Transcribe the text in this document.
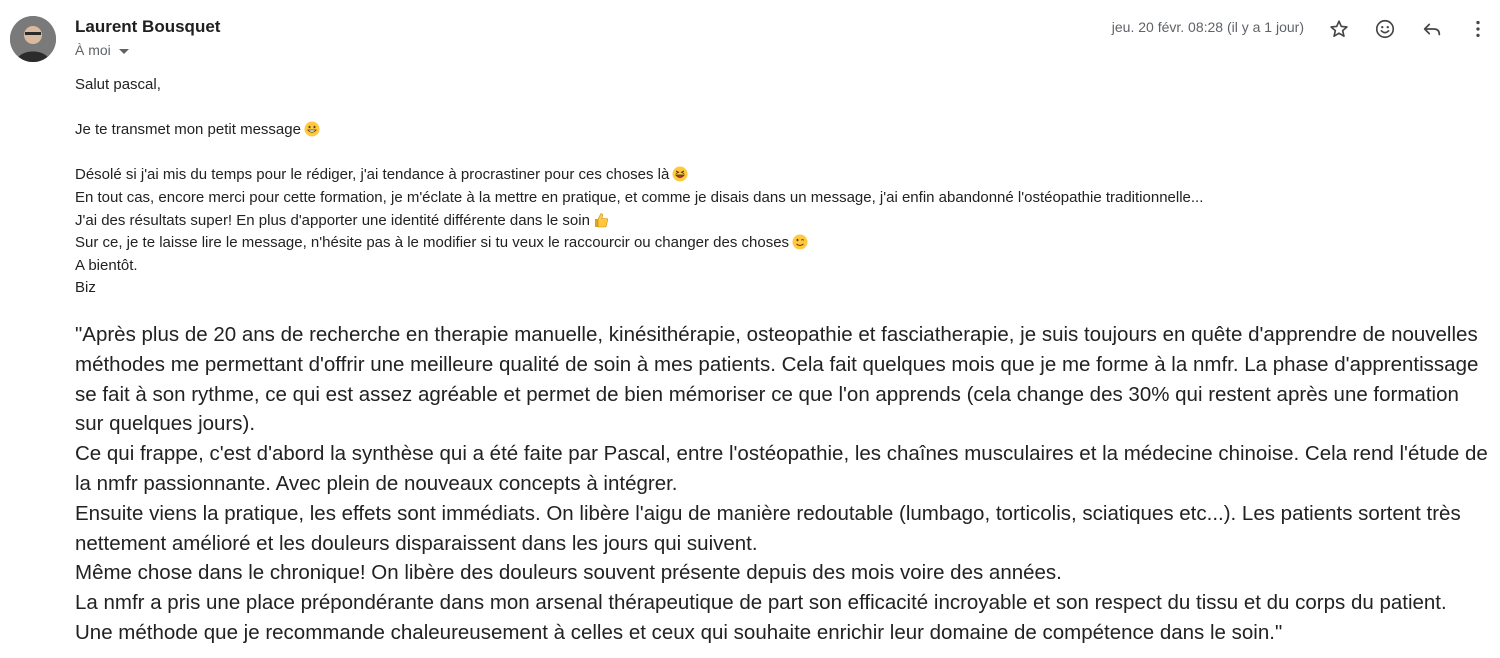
Laurent Bousquet
À moi
jeu. 20 févr. 08:28 (il y a 1 jour)

Salut pascal,

Je te transmet mon petit message

Désolé si j'ai mis du temps pour le rédiger, j'ai tendance à procrastiner pour ces choses là

En tout cas, encore merci pour cette formation, je m'éclate à la mettre en pratique, et comme je disais dans un message, j'ai enfin abandonné l'ostéopathie traditionnelle...

J'ai des résultats super! En plus d'apporter une identité différente dans le soin

Sur ce, je te laisse lire le message, n'hésite pas à le modifier si tu veux le raccourcir ou changer des choses

A bientôt.

Biz

"Après plus de 20 ans de recherche en therapie manuelle, kinésithérapie, osteopathie et fasciatherapie, je suis toujours en quête d'apprendre de nouvelles méthodes me permettant d'offrir une meilleure qualité de soin à mes patients. Cela fait quelques mois que je me forme à la nmfr. La phase d'apprentissage se fait à son rythme, ce qui est assez agréable et permet de bien mémoriser ce que l'on apprends (cela change des 30% qui restent après une formation sur quelques jours).

Ce qui frappe, c'est d'abord la synthèse qui a été faite par Pascal, entre l'ostéopathie, les chaînes musculaires et la médecine chinoise. Cela rend l'étude de la nmfr passionnante. Avec plein de nouveaux concepts à intégrer.

Ensuite viens la pratique, les effets sont immédiats. On libère l'aigu de manière redoutable (lumbago, torticolis, sciatiques etc...). Les patients sortent très nettement amélioré et les douleurs disparaissent dans les jours qui suivent.

Même chose dans le chronique! On libère des douleurs souvent présente depuis des mois voire des années.

La nmfr a pris une place prépondérante dans mon arsenal thérapeutique de part son efficacité incroyable et son respect du tissu et du corps du patient.

Une méthode que je recommande chaleureusement à celles et ceux qui souhaite enrichir leur domaine de compétence dans le soin."
